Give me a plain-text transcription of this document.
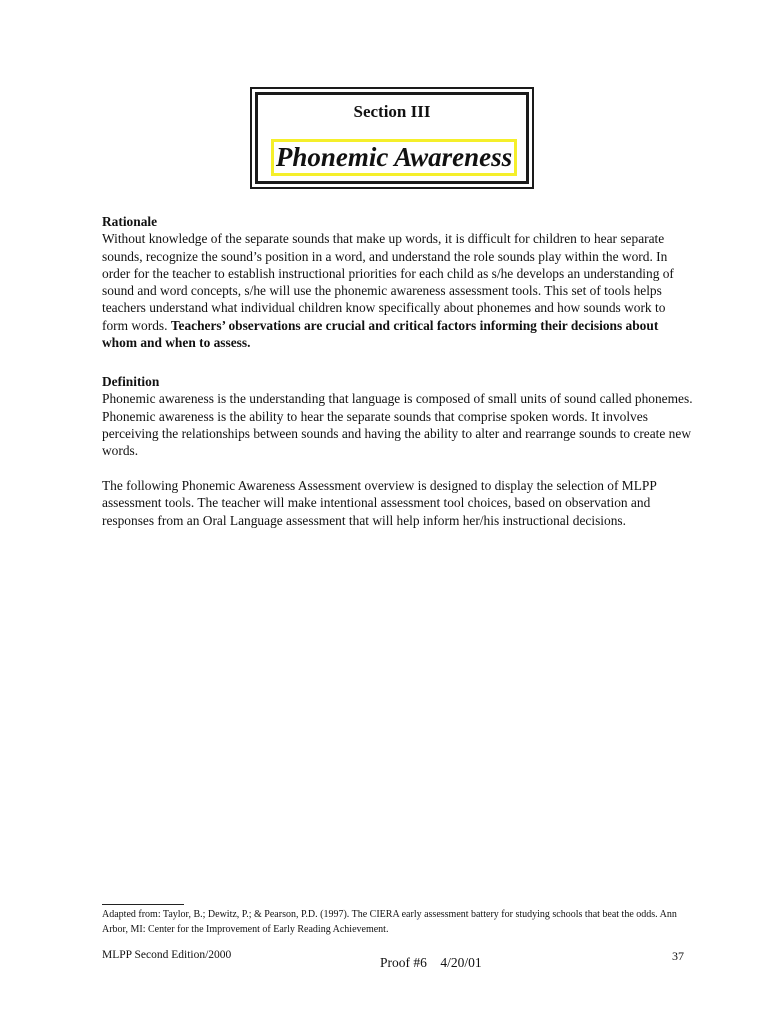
Section III
Phonemic Awareness
Rationale

Without knowledge of the separate sounds that make up words, it is difficult for children to hear separate sounds, recognize the sound’s position in a word, and understand the role sounds play within the word. In order for the teacher to establish instructional priorities for each child as s/he develops an understanding of sound and word concepts, s/he will use the phonemic awareness assessment tools. This set of tools helps teachers understand what individual children know specifically about phonemes and how sounds work to form words. Teachers’ observations are crucial and critical factors informing their decisions about whom and when to assess.

Definition

Phonemic awareness is the understanding that language is composed of small units of sound called phonemes. Phonemic awareness is the ability to hear the separate sounds that comprise spoken words. It involves perceiving the relationships between sounds and having the ability to alter and rearrange sounds to create new words.

The following Phonemic Awareness Assessment overview is designed to display the selection of MLPP assessment tools. The teacher will make intentional assessment tool choices, based on observation and responses from an Oral Language assessment that will help inform her/his instructional decisions.

Adapted from: Taylor, B.; Dewitz, P.; & Pearson, P.D. (1997). The CIERA early assessment battery for studying schools that beat the odds. Ann Arbor, MI: Center for the Improvement of Early Reading Achievement.
MLPP Second Edition/2000	Proof #6    4/20/01	37
